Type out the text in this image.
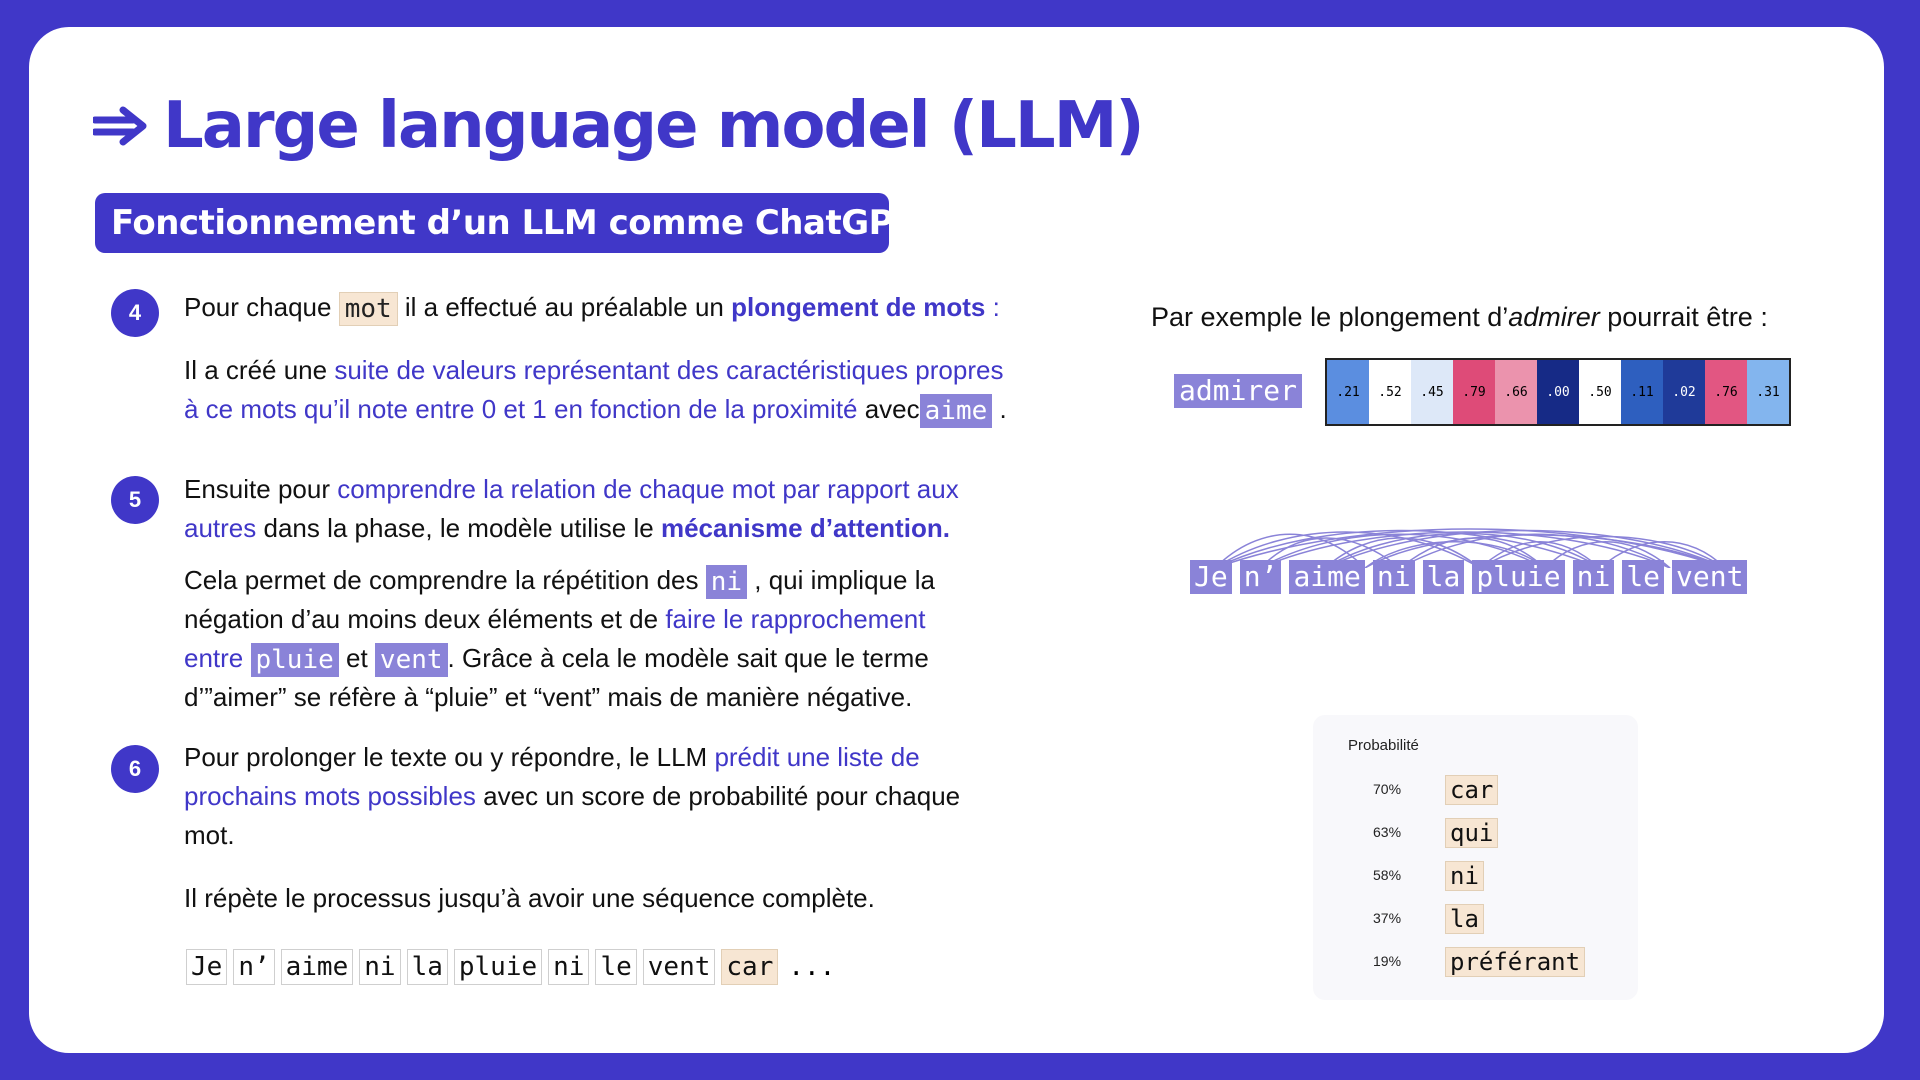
Large language model (LLM)
Fonctionnement d’un LLM comme ChatGPT
4	Pour chaque mot il a effectué au préalable un plongement de mots :
Il a créé une suite de valeurs représentant des caractéristiques propres
à ce mots qu’il note entre 0 et 1 en fonction de la proximité avec aime .
5	Ensuite pour comprendre la relation de chaque mot par rapport aux
autres dans la phase, le modèle utilise le mécanisme d’attention.
Cela permet de comprendre la répétition des ni , qui implique la
négation d’au moins deux éléments et de faire le rapprochement
entre pluie et vent . Grâce à cela le modèle sait que le terme
d’”aimer” se réfère à “pluie” et “vent” mais de manière négative.
6	Pour prolonger le texte ou y répondre, le LLM prédit une liste de
prochains mots possibles avec un score de probabilité pour chaque
mot.
Il répète le processus jusqu’à avoir une séquence complète.
Je n’ aime ni la pluie ni le vent car ...
Par exemple le plongement d’admirer pourrait être :
admirer	.21	.52	.45	.79	.66	.00	.50	.11	.02	.76	.31
Je n’ aime ni la pluie ni le vent
Probabilité
70% car
63% qui
58% ni
37% la
19% préférant
